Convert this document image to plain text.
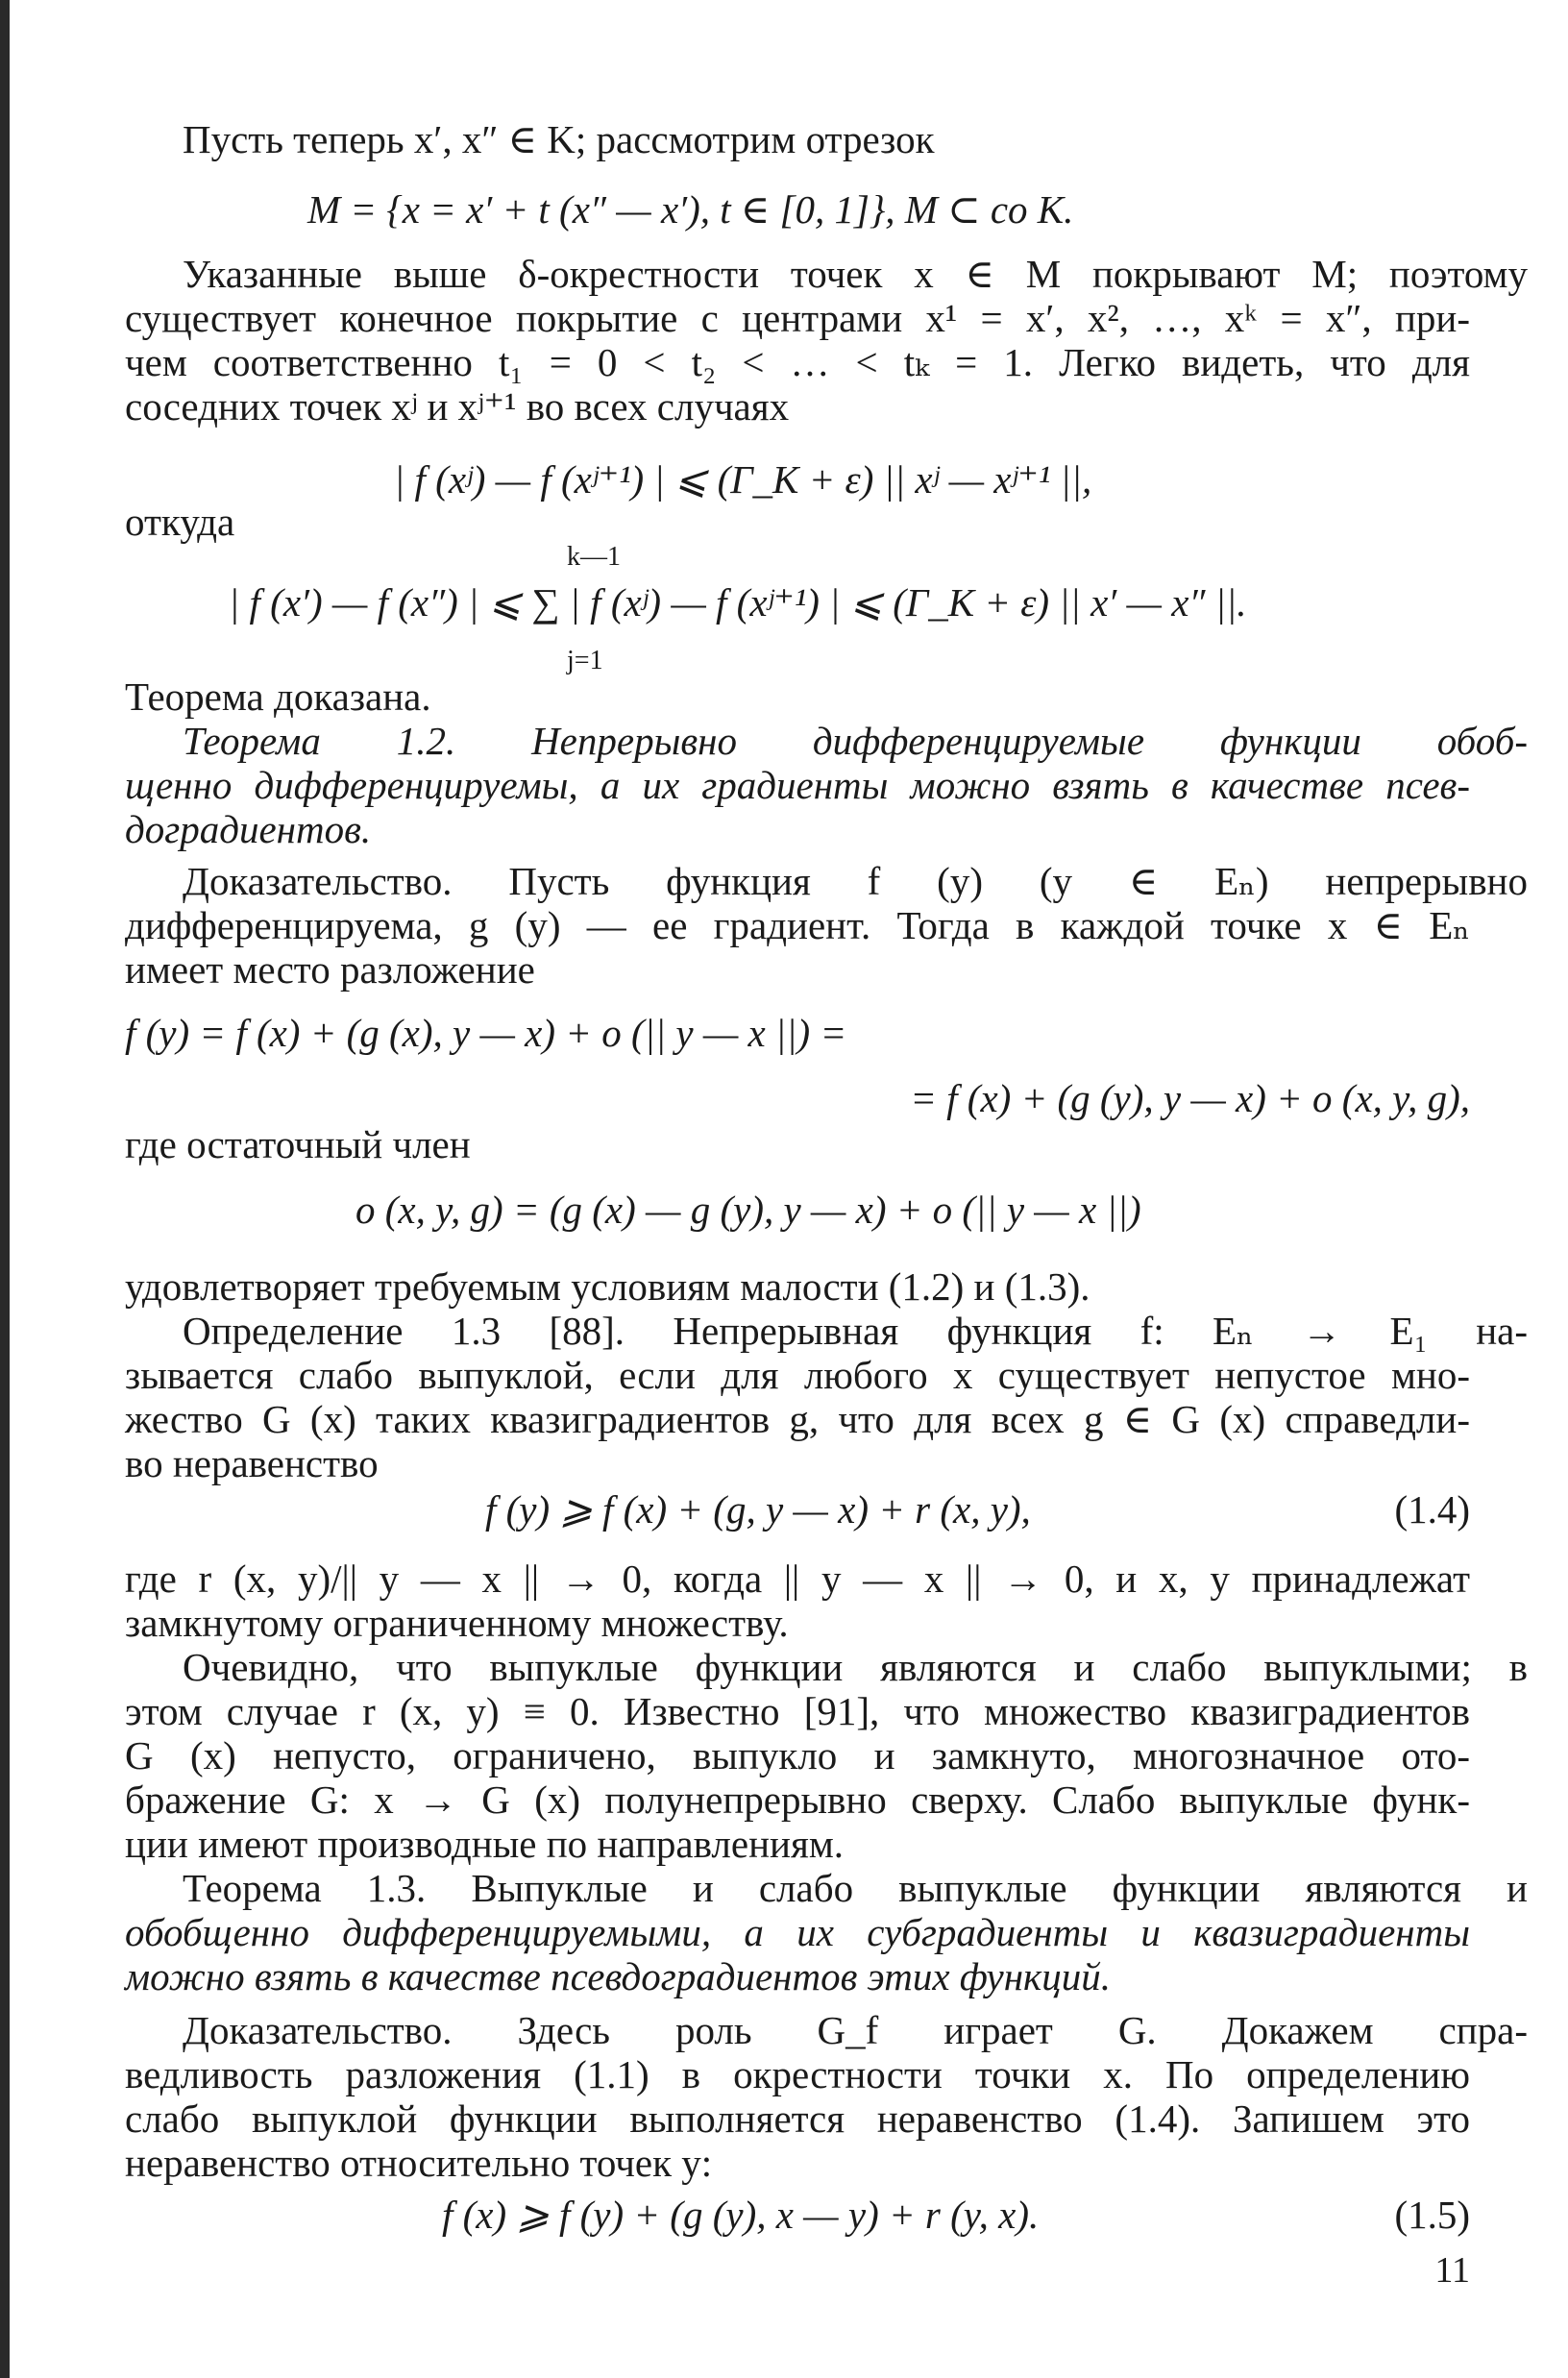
Пусть теперь x′, x″ ∈ K; рассмотрим отрезок
M = {x = x′ + t (x″ — x′), t ∈ [0, 1]}, M ⊂ co K.
Указанные выше δ-окрестности точек x ∈ M покрывают M; поэтому
существует конечное покрытие с центрами x¹ = x′, x², …, xᵏ = x″, при-
чем соответственно t₁ = 0 < t₂ < … < tₖ = 1. Легко видеть, что для
соседних точек xʲ и xʲ⁺¹ во всех случаях
| f (xʲ) — f (xʲ⁺¹) | ⩽ (Γ_K + ε) || xʲ — xʲ⁺¹ ||,
откуда
k—1
| f (x′) — f (x″) | ⩽ ∑ | f (xʲ) — f (xʲ⁺¹) | ⩽ (Γ_K + ε) || x′ — x″ ||.
j=1
Теорема доказана.
Теорема 1.2. Непрерывно дифференцируемые функции обоб-
щенно дифференцируемы, а их градиенты можно взять в качестве псев-
доградиентов.
Доказательство. Пусть функция f (y) (y ∈ Eₙ) непрерывно
дифференцируема, g (y) — ее градиент. Тогда в каждой точке x ∈ Eₙ
имеет место разложение
f (y) = f (x) + (g (x), y — x) + o (|| y — x ||) =
= f (x) + (g (y), y — x) + o (x, y, g),
где остаточный член
o (x, y, g) = (g (x) — g (y), y — x) + o (|| y — x ||)
удовлетворяет требуемым условиям малости (1.2) и (1.3).
Определение 1.3 [88]. Непрерывная функция f: Eₙ → E₁ на-
зывается слабо выпуклой, если для любого x существует непустое мно-
жество G (x) таких квазиградиентов g, что для всех g ∈ G (x) справедли-
во неравенство
f (y) ⩾ f (x) + (g, y — x) + r (x, y),	(1.4)
где r (x, y)/|| y — x || → 0, когда || y — x || → 0, и x, y принадлежат
замкнутому ограниченному множеству.
Очевидно, что выпуклые функции являются и слабо выпуклыми; в
этом случае r (x, y) ≡ 0. Известно [91], что множество квазиградиентов
G (x) непусто, ограничено, выпукло и замкнуто, многозначное ото-
бражение G: x → G (x) полунепрерывно сверху. Слабо выпуклые функ-
ции имеют производные по направлениям.
Теорема 1.3. Выпуклые и слабо выпуклые функции являются и
обобщенно дифференцируемыми, а их субградиенты и квазиградиенты
можно взять в качестве псевдоградиентов этих функций.
Доказательство. Здесь роль G_f играет G. Докажем спра-
ведливость разложения (1.1) в окрестности точки x. По определению
слабо выпуклой функции выполняется неравенство (1.4). Запишем это
неравенство относительно точек y:
f (x) ⩾ f (y) + (g (y), x — y) + r (y, x).	(1.5)
11
